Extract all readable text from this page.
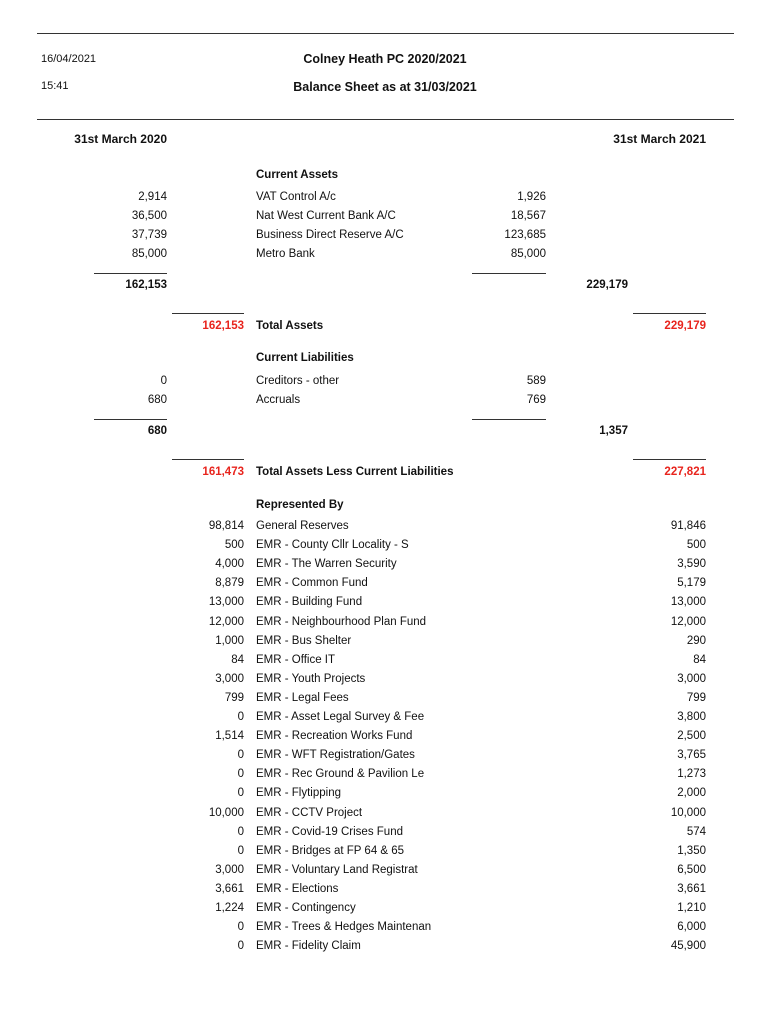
16/04/2021
15:41
Colney Heath PC 2020/2021
Balance Sheet as at 31/03/2021
31st March 2020	31st March 2021
Current Assets
2,914	VAT Control A/c	1,926
36,500	Nat West Current Bank A/C	18,567
37,739	Business Direct Reserve A/C	123,685
85,000	Metro Bank	85,000
162,153	229,179
162,153 Total Assets	229,179
Current Liabilities
0	Creditors - other	589
680	Accruals	769
680	1,357
161,473 Total Assets Less Current Liabilities	227,821
Represented By
98,814 General Reserves	91,846
500 EMR - County Cllr Locality - S	500
4,000 EMR - The Warren Security	3,590
8,879 EMR - Common Fund	5,179
13,000 EMR - Building Fund	13,000
12,000 EMR - Neighbourhood Plan Fund	12,000
1,000 EMR - Bus Shelter	290
84 EMR - Office IT	84
3,000 EMR - Youth Projects	3,000
799 EMR - Legal Fees	799
0 EMR - Asset Legal Survey & Fee	3,800
1,514 EMR - Recreation Works Fund	2,500
0 EMR - WFT Registration/Gates	3,765
0 EMR - Rec Ground & Pavilion Le	1,273
0 EMR - Flytipping	2,000
10,000 EMR - CCTV Project	10,000
0 EMR - Covid-19 Crises Fund	574
0 EMR - Bridges at FP 64 & 65	1,350
3,000 EMR - Voluntary Land Registrat	6,500
3,661 EMR - Elections	3,661
1,224 EMR - Contingency	1,210
0 EMR - Trees & Hedges Maintenan	6,000
0 EMR - Fidelity Claim	45,900
